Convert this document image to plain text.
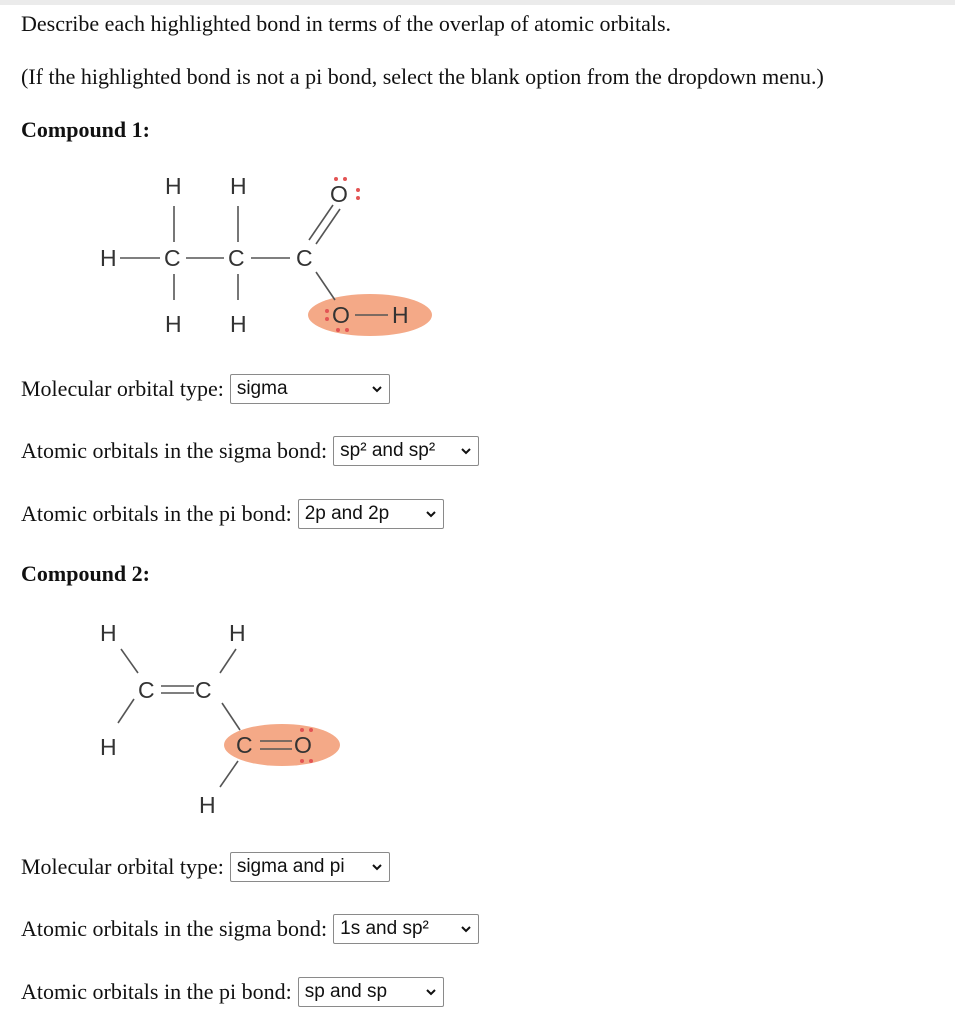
Describe each highlighted bond in terms of the overlap of atomic orbitals.
(If the highlighted bond is not a pi bond, select the blank option from the dropdown menu.)
Compound 1:
H H
H C C C
H H
O
O H
Molecular orbital type: sigma
Atomic orbitals in the sigma bond: sp² and sp²
Atomic orbitals in the pi bond: 2p and 2p
Compound 2:
H	H
C C
H	C O
H
Molecular orbital type: sigma and pi
Atomic orbitals in the sigma bond: 1s and sp²
Atomic orbitals in the pi bond: sp and sp
